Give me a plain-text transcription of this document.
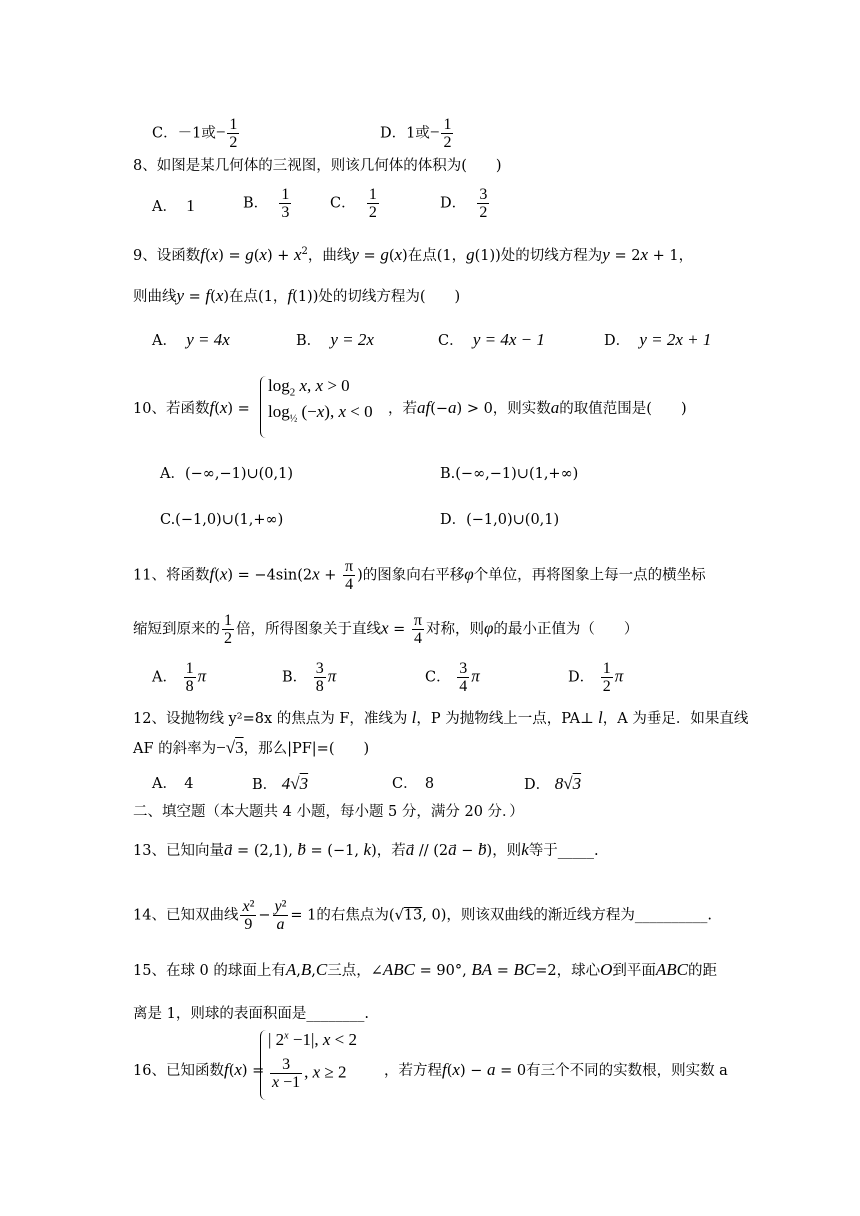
C．－1或− $\frac{1}{2}$	D．1或− $\frac{1}{2}$
8、如图是某几何体的三视图，则该几何体的体积为(　　)
A． 1	B． $\frac{1}{3}$	C． $\frac{1}{2}$	D． $\frac{3}{2}$
9、设函数$f(x) = g(x) + x^2$，曲线y = g(x)在点(1，g(1))处的切线方程为y = 2x + 1，
则曲线y = f(x)在点(1，f(1))处的切线方程为(　　)
A． y = 4x	B． y = 2x	C． y = 4x − 1	D． y = 2x + 1
10、若函数f(x) =
$\log_2 x$, x > 0
$\log_{\frac{1}{2}} (-x)$, x < 0 ，若af(−a) > 0，则实数a的取值范围是(　　)
A．(−∞,−1)∪(0,1)	B.(−∞,−1)∪(1,+∞)
C.(−1,0)∪(1,+∞)	D．(−1,0)∪(0,1)
11、将函数$f(x) = -4\sin(2x + \frac{\pi}{4}$ )的图象向右平移φ个单位，再将图象上每一点的横坐标
缩短到原来的 $\frac{1}{2}$ 倍，所得图象关于直线$x = \frac{\pi}{4}$ 对称，则φ的最小正值为（　　）
A． $\frac{1}{8}$ π	B． $\frac{3}{8}$ π	C． $\frac{3}{4}$ π	D． $\frac{1}{2}$ π
12、设抛物线 y²=8x 的焦点为 F，准线为 l，P 为抛物线上一点，PA⊥ l，A 为垂足．如果直线
AF 的斜率为−√3，那么|PF|=(　　)
A．　4	B． 4√3	C．　8	D． 8√3
二、填空题（本大题共 4 小题，每小题 5 分，满分 20 分．）
13、已知向量a⃗ = (2,1), b⃗ = (−1, k)，若a⃗ // (2a⃗ − b⃗)，则k等于_____.
14、已知双曲线 $\frac{\text{x²}}{9} - \frac{\text{y²}}{a} = 1$的右焦点为(√13, 0)，则该双曲线的渐近线方程为__________.
15、在球 0 的球面上有A,B,C三点，∠ABC = 90°, BA = BC=2，球心O到平面ABC的距
离是 1，则球的表面积面是________.
16、已知函数f(x) =
| $2^x -1|$, x < 2
$\frac{3}{x -1}$ , x ≥ 2	，若方程f(x) − a = 0有三个不同的实数根，则实数 a
